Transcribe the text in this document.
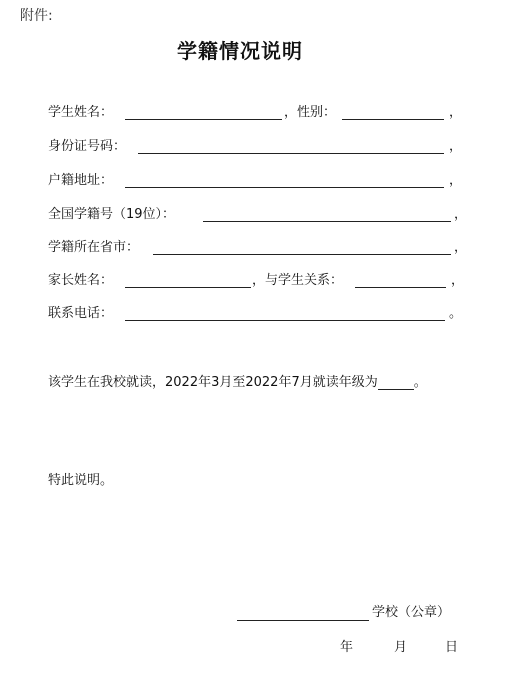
附件:
学籍情况说明
学生姓名：	，性别：	，
身份证号码：	，
户籍地址：	，
全国学籍号（19位）：	，
学籍所在省市：	，
家长姓名：	，与学生关系：	，
联系电话：	。
该学生在我校就读，2022年3月至2022年7月就读年级为	。
特此说明。
学校（公章）
年	月	日
